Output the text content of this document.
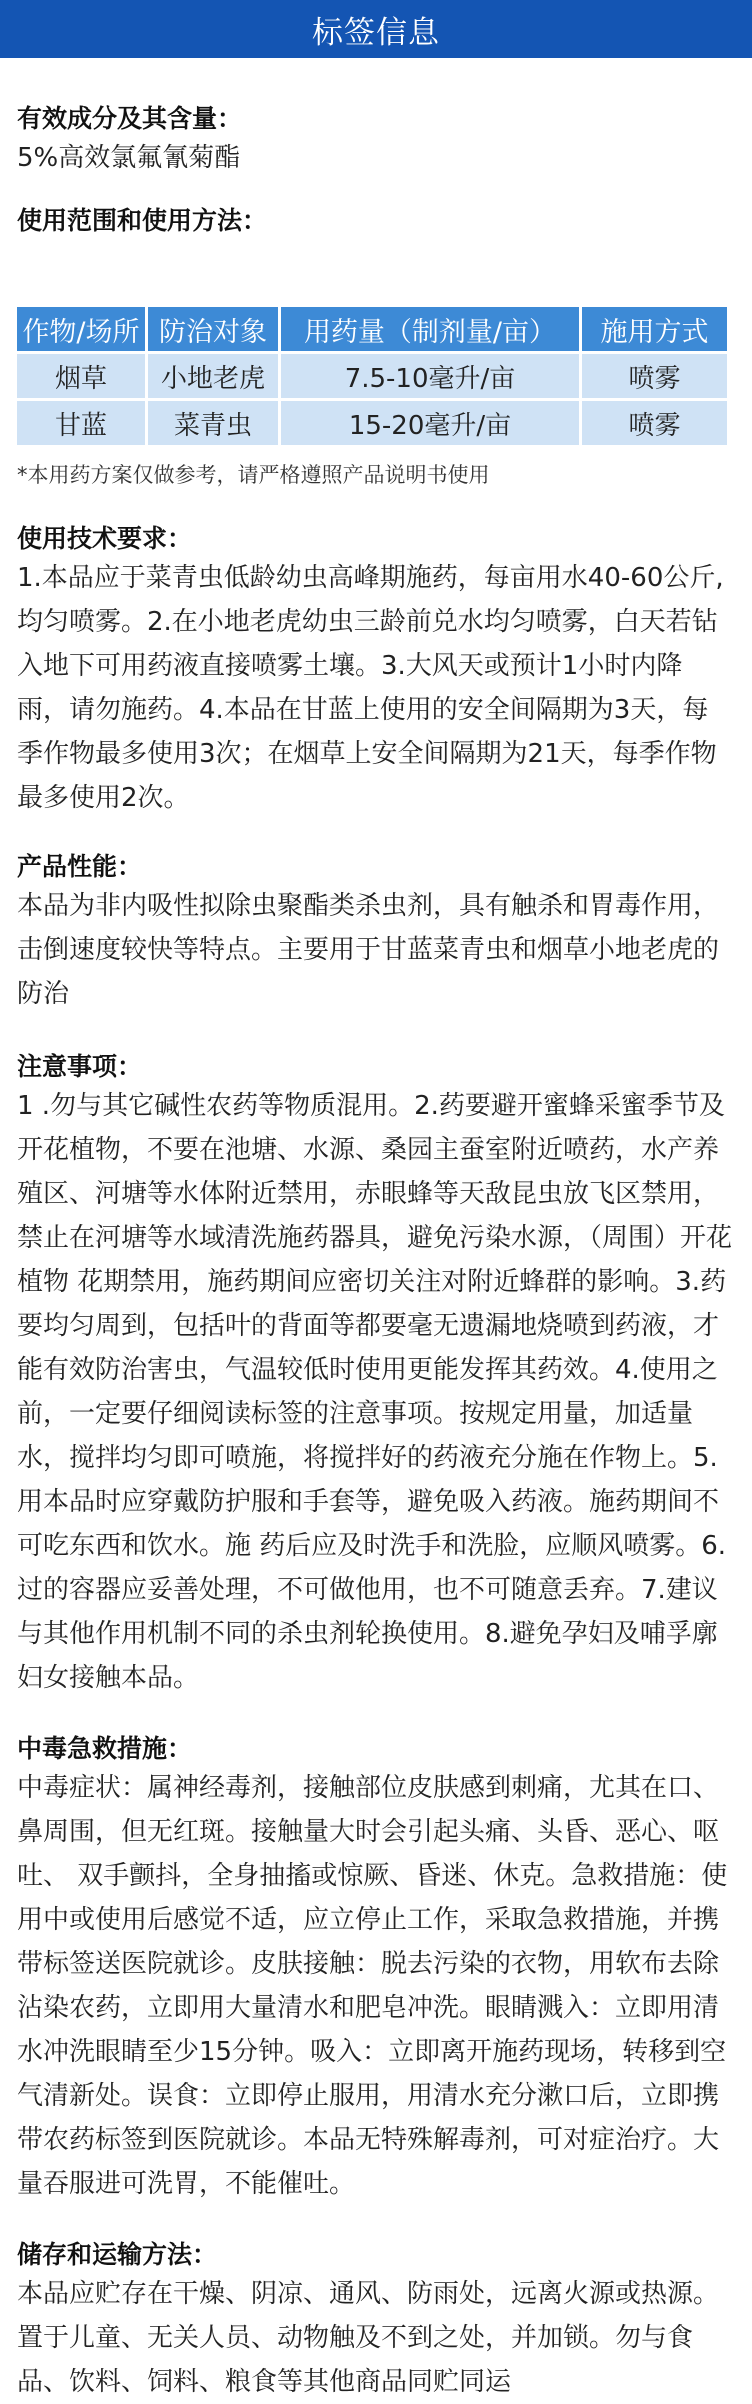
标签信息

有效成分及其含量：

5%高效氯氟氰菊酯

使用范围和使用方法：

作物/场所	防治对象	用药量（制剂量/亩）	施用方式
烟草	小地老虎	7.5-10毫升/亩	喷雾
甘蓝	菜青虫	15-20毫升/亩	喷雾

*本用药方案仅做参考，请严格遵照产品说明书使用

使用技术要求：

1.本品应于菜青虫低龄幼虫高峰期施药，每亩用水40-60公斤,均匀喷雾。2.在小地老虎幼虫三龄前兑水均匀喷雾，白天若钻入地下可用药液直接喷雾土壤。3.大风天或预计1小时内降雨，请勿施药。4.本品在甘蓝上使用的安全间隔期为3天，每季作物最多使用3次；在烟草上安全间隔期为21天，每季作物最多使用2次。

产品性能：

本品为非内吸性拟除虫聚酯类杀虫剂，具有触杀和胃毒作用，击倒速度较快等特点。主要用于甘蓝菜青虫和烟草小地老虎的防治

注意事项：

1 .勿与其它碱性农药等物质混用。2.药要避开蜜蜂采蜜季节及开花植物，不要在池塘、水源、桑园主蚕室附近喷药，水产养殖区、河塘等水体附近禁用，赤眼蜂等天敌昆虫放飞区禁用，禁止在河塘等水域清洗施药器具，避免污染水源，（周围）开花植物 花期禁用，施药期间应密切关注对附近蜂群的影响。3.药要均匀周到，包括叶的背面等都要毫无遗漏地烧喷到药液，才能有效防治害虫，气温较低时使用更能发挥其药效。4.使用之前，一定要仔细阅读标签的注意事项。按规定用量，加适量水，搅拌均匀即可喷施，将搅拌好的药液充分施在作物上。5.用本品时应穿戴防护服和手套等，避免吸入药液。施药期间不可吃东西和饮水。施 药后应及时洗手和洗脸，应顺风喷雾。6.过的容器应妥善处理，不可做他用，也不可随意丢弃。7.建议与其他作用机制不同的杀虫剂轮换使用。8.避免孕妇及哺孚廓妇女接触本品。

中毒急救措施：

中毒症状：属神经毒剂，接触部位皮肤感到刺痛，尤其在口、鼻周围，但无红斑。接触量大时会引起头痛、头昏、恶心、呕吐、 双手颤抖，全身抽搐或惊厥、昏迷、休克。急救措施：使用中或使用后感觉不适，应立停止工作，采取急救措施，并携带标签送医院就诊。皮肤接触：脱去污染的衣物，用软布去除沾染农药，立即用大量清水和肥皂冲洗。眼睛溅入：立即用清水冲洗眼睛至少15分钟。吸入：立即离开施药现场，转移到空气清新处。误食：立即停止服用，用清水充分漱口后，立即携带农药标签到医院就诊。本品无特殊解毒剂，可对症治疗。大量吞服进可洗胃，不能催吐。

储存和运输方法：

本品应贮存在干燥、阴凉、通风、防雨处，远离火源或热源。置于儿童、无关人员、动物触及不到之处，并加锁。勿与食品、饮料、饲料、粮食等其他商品同贮同运
